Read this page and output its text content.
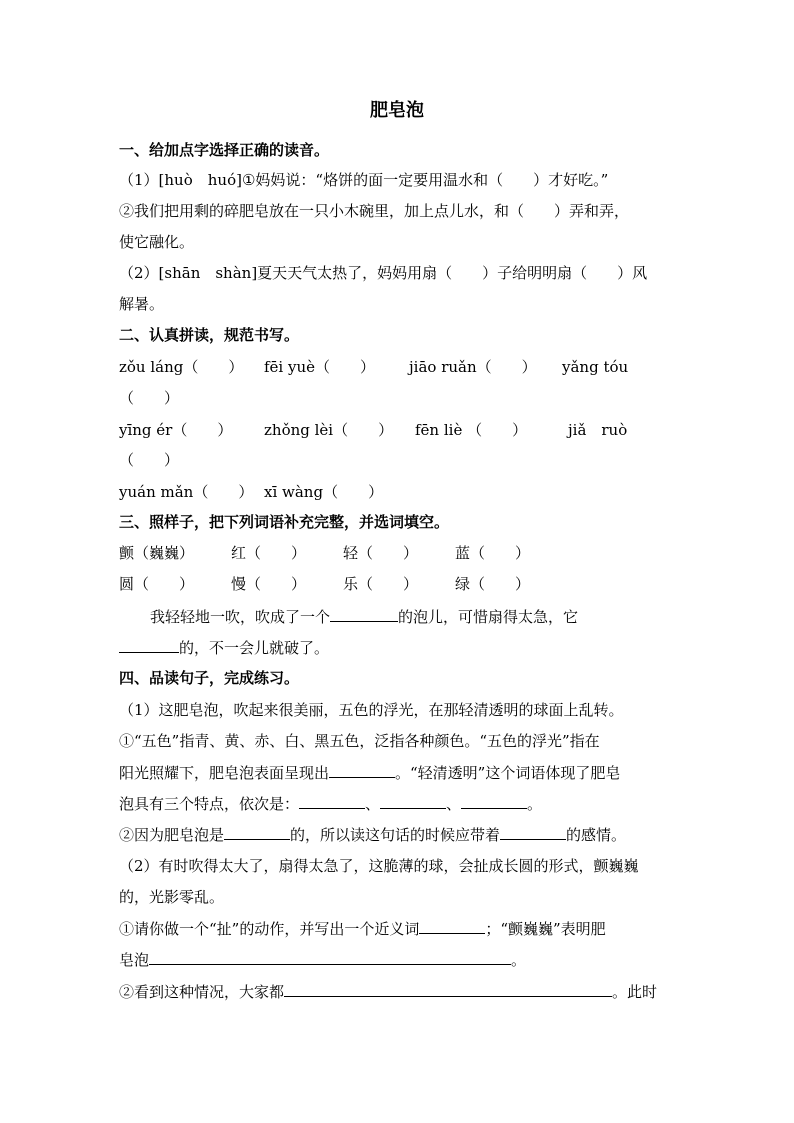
肥皂泡
一、给加点字选择正确的读音。
（1）[huò　huó]①妈妈说：“烙饼的面一定要用温水和（　　）才好吃。”
②我们把用剩的碎肥皂放在一只小木碗里，加上点儿水，和（　　）弄和弄，
使它融化。
（2）[shān　shàn]夏天天气太热了，妈妈用扇（　　）子给明明扇（　　）风
解暑。
二、认真拼读，规范书写。
zǒu láng（　　） fēi yuè（　　） jiāo ruǎn（　　） yǎng tóu
（　　）
yīng ér（　　） zhǒng lèi（　　） fēn liè （　　）	jiǎ　ruò
（　　）
yuán mǎn（　　） xī wàng（　　）
三、照样子，把下列词语补充完整，并选词填空。
颤（巍巍） 红（　　） 轻（　　） 蓝（　　）
圆（　　） 慢（　　） 乐（　　） 绿（　　）
我轻轻地一吹，吹成了一个	的泡儿，可惜扇得太急，它
的，不一会儿就破了。
四、品读句子，完成练习。
（1）这肥皂泡，吹起来很美丽，五色的浮光，在那轻清透明的球面上乱转。
①“五色”指青、黄、赤、白、黑五色，泛指各种颜色。“五色的浮光”指在
阳光照耀下，肥皂泡表面呈现出	。“轻清透明”这个词语体现了肥皂
泡具有三个特点，依次是：	、	、	。
②因为肥皂泡是	的，所以读这句话的时候应带着	的感情。
（2）有时吹得太大了，扇得太急了，这脆薄的球，会扯成长圆的形式，颤巍巍
的，光影零乱。
①请你做一个“扯”的动作，并写出一个近义词	；“颤巍巍”表明肥
皂泡	。
②看到这种情况，大家都	。此时
